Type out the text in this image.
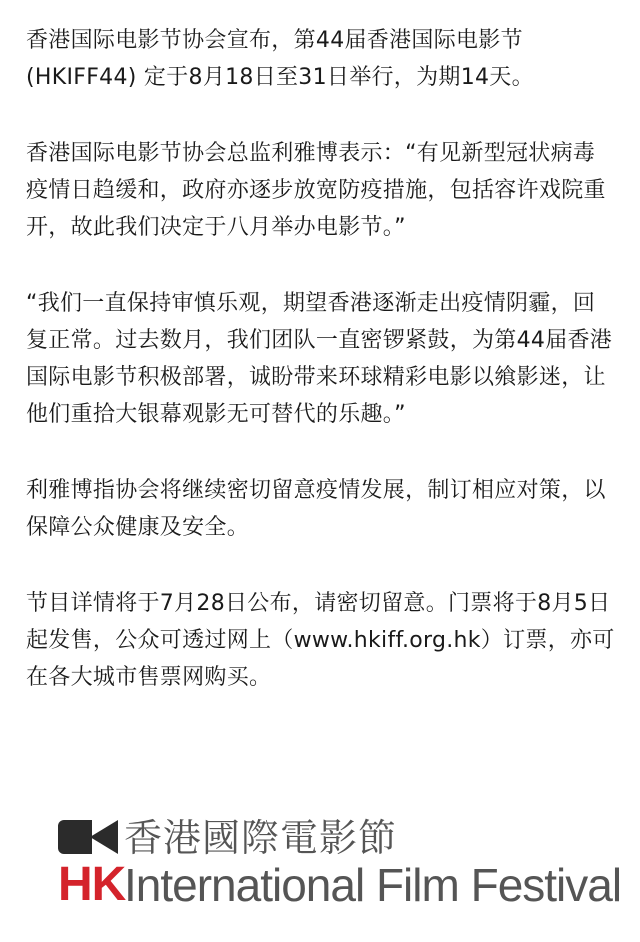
香港国际电影节协会宣布，第44届香港国际电影节(HKIFF44) 定于8月18日至31日举行，为期14天。

香港国际电影节协会总监利雅博表示：“有见新型冠状病毒疫情日趋缓和，政府亦逐步放宽防疫措施，包括容许戏院重开，故此我们决定于八月举办电影节。”

“我们一直保持审慎乐观，期望香港逐渐走出疫情阴霾，回复正常。过去数月，我们团队一直密锣紧鼓，为第44届香港国际电影节积极部署，诚盼带来环球精彩电影以飨影迷，让他们重拾大银幕观影无可替代的乐趣。”

利雅博指协会将继续密切留意疫情发展，制订相应对策，以保障公众健康及安全。

节目详情将于7月28日公布，请密切留意。门票将于8月5日起发售，公众可透过网上（www.hkiff.org.hk）订票，亦可在各大城市售票网购买。

香港國際電影節
HK
International Film Festival
